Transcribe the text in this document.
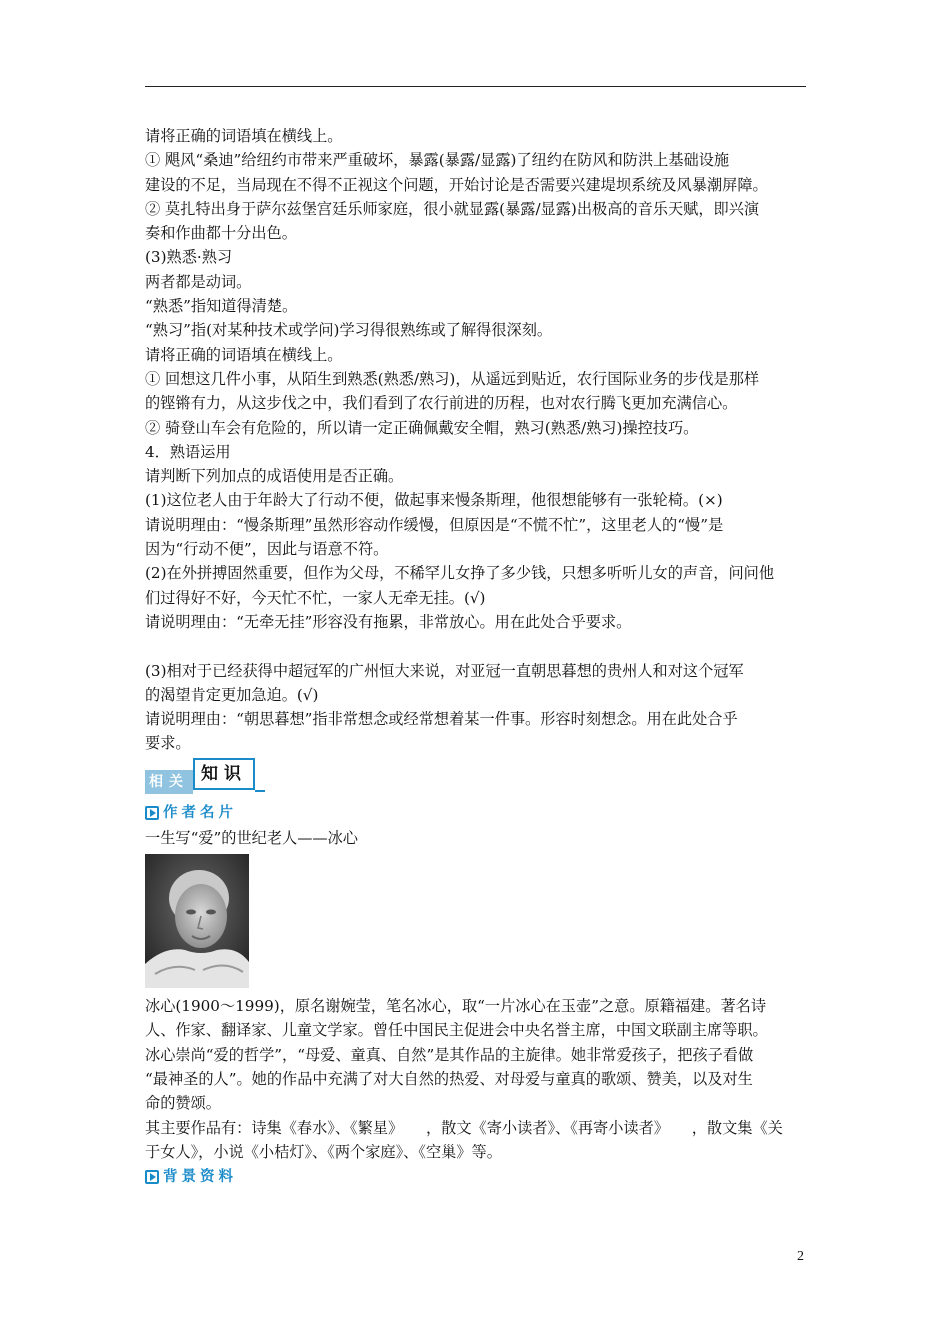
请将正确的词语填在横线上。
① 飓风“桑迪”给纽约市带来严重破坏，暴露(暴露/显露)了纽约在防风和防洪上基础设施
建设的不足，当局现在不得不正视这个问题，开始讨论是否需要兴建堤坝系统及风暴潮屏障。
② 莫扎特出身于萨尔兹堡宫廷乐师家庭，很小就显露(暴露/显露)出极高的音乐天赋，即兴演
奏和作曲都十分出色。
(3)熟悉·熟习
两者都是动词。
“熟悉”指知道得清楚。
“熟习”指(对某种技术或学问)学习得很熟练或了解得很深刻。
请将正确的词语填在横线上。
① 回想这几件小事，从陌生到熟悉(熟悉/熟习)，从遥远到贴近，农行国际业务的步伐是那样
的铿锵有力，从这步伐之中，我们看到了农行前进的历程，也对农行腾飞更加充满信心。
② 骑登山车会有危险的，所以请一定正确佩戴安全帽，熟习(熟悉/熟习)操控技巧。
4．熟语运用
请判断下列加点的成语使用是否正确。
(1)这位老人由于年龄大了行动不便，做起事来慢条斯理，他很想能够有一张轮椅。(×)
请说明理由：“慢条斯理”虽然形容动作缓慢，但原因是“不慌不忙”，这里老人的“慢”是
因为“行动不便”，因此与语意不符。
(2)在外拼搏固然重要，但作为父母，不稀罕儿女挣了多少钱，只想多听听儿女的声音，问问他
们过得好不好，今天忙不忙，一家人无牵无挂。(√)
请说明理由：“无牵无挂”形容没有拖累，非常放心。用在此处合乎要求。
(3)相对于已经获得中超冠军的广州恒大来说，对亚冠一直朝思暮想的贵州人和对这个冠军
的渴望肯定更加急迫。(√)
请说明理由：“朝思暮想”指非常想念或经常想着某一件事。形容时刻想念。用在此处合乎
要求。
相关 知识
作者名片
一生写“爱”的世纪老人——冰心
冰心(1900～1999)，原名谢婉莹，笔名冰心，取“一片冰心在玉壶”之意。原籍福建。著名诗
人、作家、翻译家、儿童文学家。曾任中国民主促进会中央名誉主席，中国文联副主席等职。
冰心崇尚“爱的哲学”，“母爱、童真、自然”是其作品的主旋律。她非常爱孩子，把孩子看做
“最神圣的人”。她的作品中充满了对大自然的热爱、对母爱与童真的歌颂、赞美，以及对生
命的赞颂。
其主要作品有：诗集《春水》、《繁星》　　，散文《寄小读者》、《再寄小读者》　　，散文集《关
于女人》，小说《小桔灯》、《两个家庭》、《空巢》等。
背景资料
2
